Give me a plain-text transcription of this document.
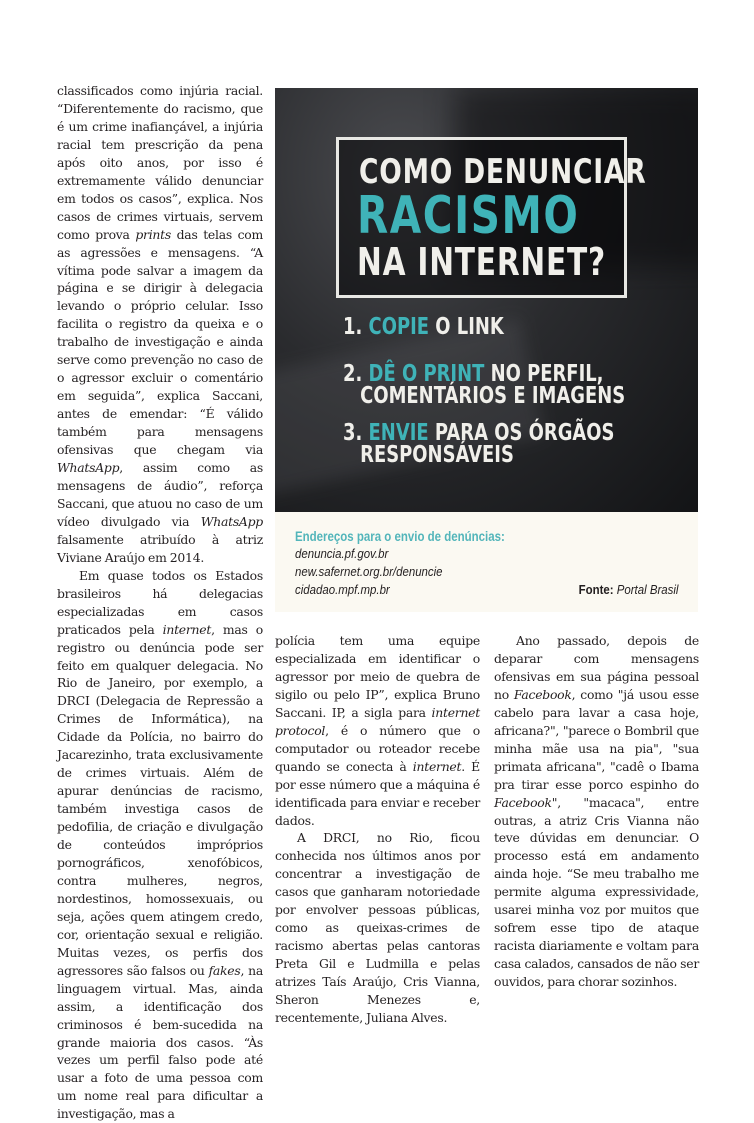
classificados como injúria racial. “Diferentemente do racismo, que é um crime inafiançável, a injúria racial tem prescrição da pena após oito anos, por isso é extremamente válido denunciar em todos os casos”, explica. Nos casos de crimes virtuais, servem como prova prints das telas com as agressões e mensagens. “A vítima pode salvar a imagem da página e se dirigir à delegacia levando o próprio celular. Isso facilita o registro da queixa e o trabalho de investigação e ainda serve como prevenção no caso de o agressor excluir o comentário em seguida”, explica Saccani, antes de emendar: “É válido também para mensagens ofensivas que chegam via WhatsApp, assim como as mensagens de áudio”, reforça Saccani, que atuou no caso de um vídeo divulgado via WhatsApp falsamente atribuído à atriz Viviane Araújo em 2014.

Em quase todos os Estados brasileiros há delegacias especializadas em casos praticados pela internet, mas o registro ou denúncia pode ser feito em qualquer delegacia. No Rio de Janeiro, por exemplo, a DRCI (Delegacia de Repressão a Crimes de Informática), na Cidade da Polícia, no bairro do Jacarezinho, trata exclusivamente de crimes virtuais. Além de apurar denúncias de racismo, também investiga casos de pedofilia, de criação e divulgação de conteúdos impróprios pornográficos, xenofóbicos, contra mulheres, negros, nordestinos, homossexuais, ou seja, ações quem atingem credo, cor, orientação sexual e religião. Muitas vezes, os perfis dos agressores são falsos ou fakes, na linguagem virtual. Mas, ainda assim, a identificação dos criminosos é bem-sucedida na grande maioria dos casos. “Às vezes um perfil falso pode até usar a foto de uma pessoa com um nome real para dificultar a investigação, mas a

COMO DENUNCIAR
RACISMO
NA INTERNET?
1. COPIE O LINK
2. DÊ O PRINT NO PERFIL,
COMENTÁRIOS E IMAGENS
3. ENVIE PARA OS ÓRGÃOS
RESPONSÁVEIS
Endereços para o envio de denúncias:
denuncia.pf.gov.br
new.safernet.org.br/denuncie
cidadao.mpf.mp.br	Fonte: Portal Brasil

polícia tem uma equipe especializada em identificar o agressor por meio de quebra de sigilo ou pelo IP”, explica Bruno Saccani. IP, a sigla para internet protocol, é o número que o computador ou roteador recebe quando se conecta à internet. É por esse número que a máquina é identificada para enviar e receber dados.

A DRCI, no Rio, ficou conhecida nos últimos anos por concentrar a investigação de casos que ganharam notoriedade por envolver pessoas públicas, como as queixas-crimes de racismo abertas pelas cantoras Preta Gil e Ludmilla e pelas atrizes Taís Araújo, Cris Vianna, Sheron Menezes e, recentemente, Juliana Alves.

Ano passado, depois de deparar com mensagens ofensivas em sua página pessoal no Facebook, como "já usou esse cabelo para lavar a casa hoje, africana?", "parece o Bombril que minha mãe usa na pia", "sua primata africana", "cadê o Ibama pra tirar esse porco espinho do Facebook", "macaca", entre outras, a atriz Cris Vianna não teve dúvidas em denunciar. O processo está em andamento ainda hoje. “Se meu trabalho me permite alguma expressividade, usarei minha voz por muitos que sofrem esse tipo de ataque racista diariamente e voltam para casa calados, cansados de não ser ouvidos, para chorar sozinhos.
